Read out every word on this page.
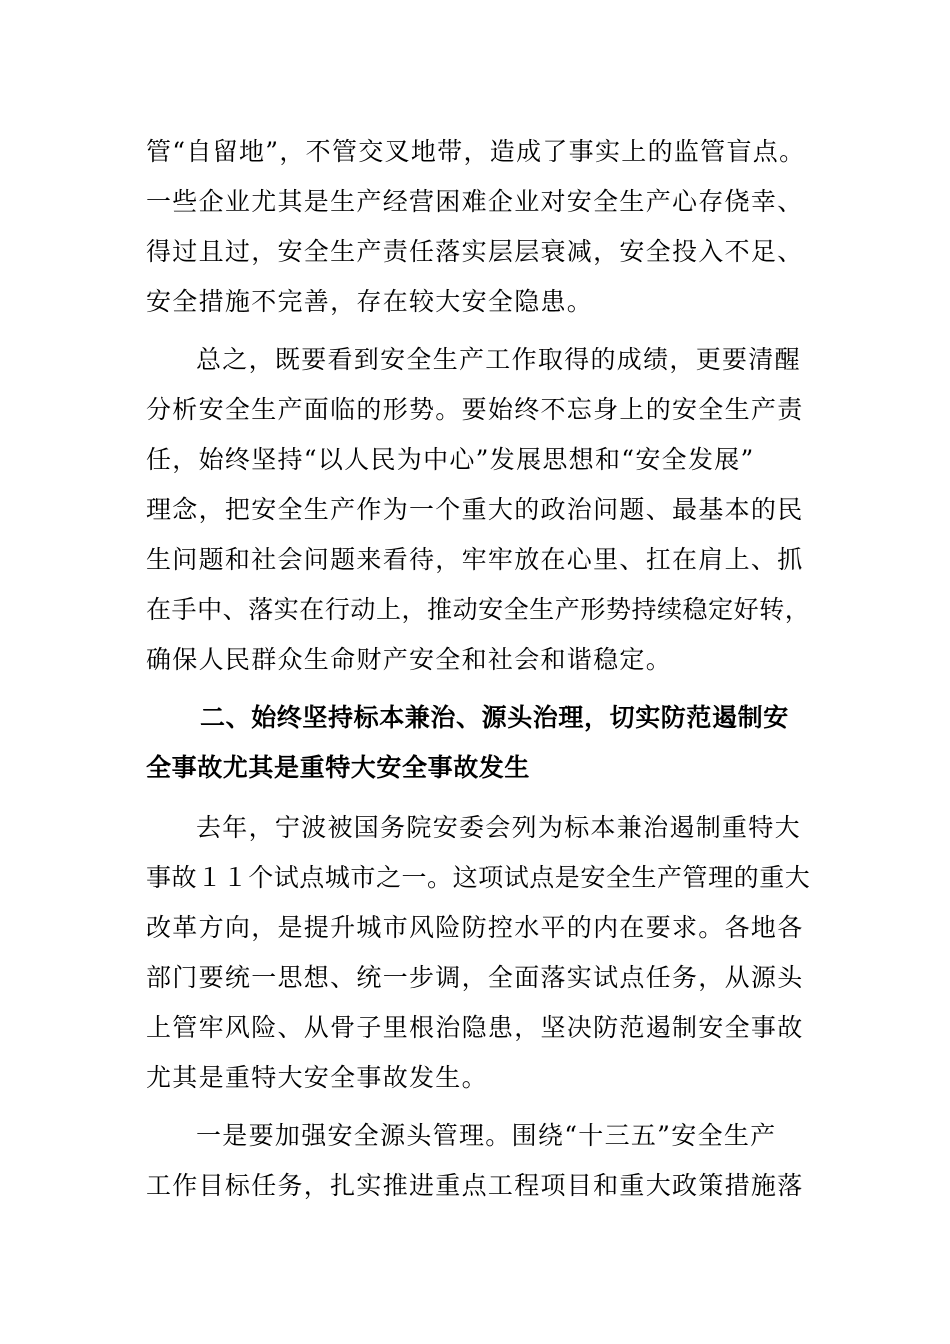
管“自留地”，不管交叉地带，造成了事实上的监管盲点。
一些企业尤其是生产经营困难企业对安全生产心存侥幸、
得过且过，安全生产责任落实层层衰减，安全投入不足、
安全措施不完善，存在较大安全隐患。
总之，既要看到安全生产工作取得的成绩，更要清醒
分析安全生产面临的形势。要始终不忘身上的安全生产责
任，始终坚持“以人民为中心”发展思想和“安全发展”
理念，把安全生产作为一个重大的政治问题、最基本的民
生问题和社会问题来看待，牢牢放在心里、扛在肩上、抓
在手中、落实在行动上，推动安全生产形势持续稳定好转，
确保人民群众生命财产安全和社会和谐稳定。
二、始终坚持标本兼治、源头治理，切实防范遏制安
全事故尤其是重特大安全事故发生
去年，宁波被国务院安委会列为标本兼治遏制重特大
事故１１个试点城市之一。这项试点是安全生产管理的重大
改革方向，是提升城市风险防控水平的内在要求。各地各
部门要统一思想、统一步调，全面落实试点任务，从源头
上管牢风险、从骨子里根治隐患，坚决防范遏制安全事故
尤其是重特大安全事故发生。
一是要加强安全源头管理。围绕“十三五”安全生产
工作目标任务，扎实推进重点工程项目和重大政策措施落
